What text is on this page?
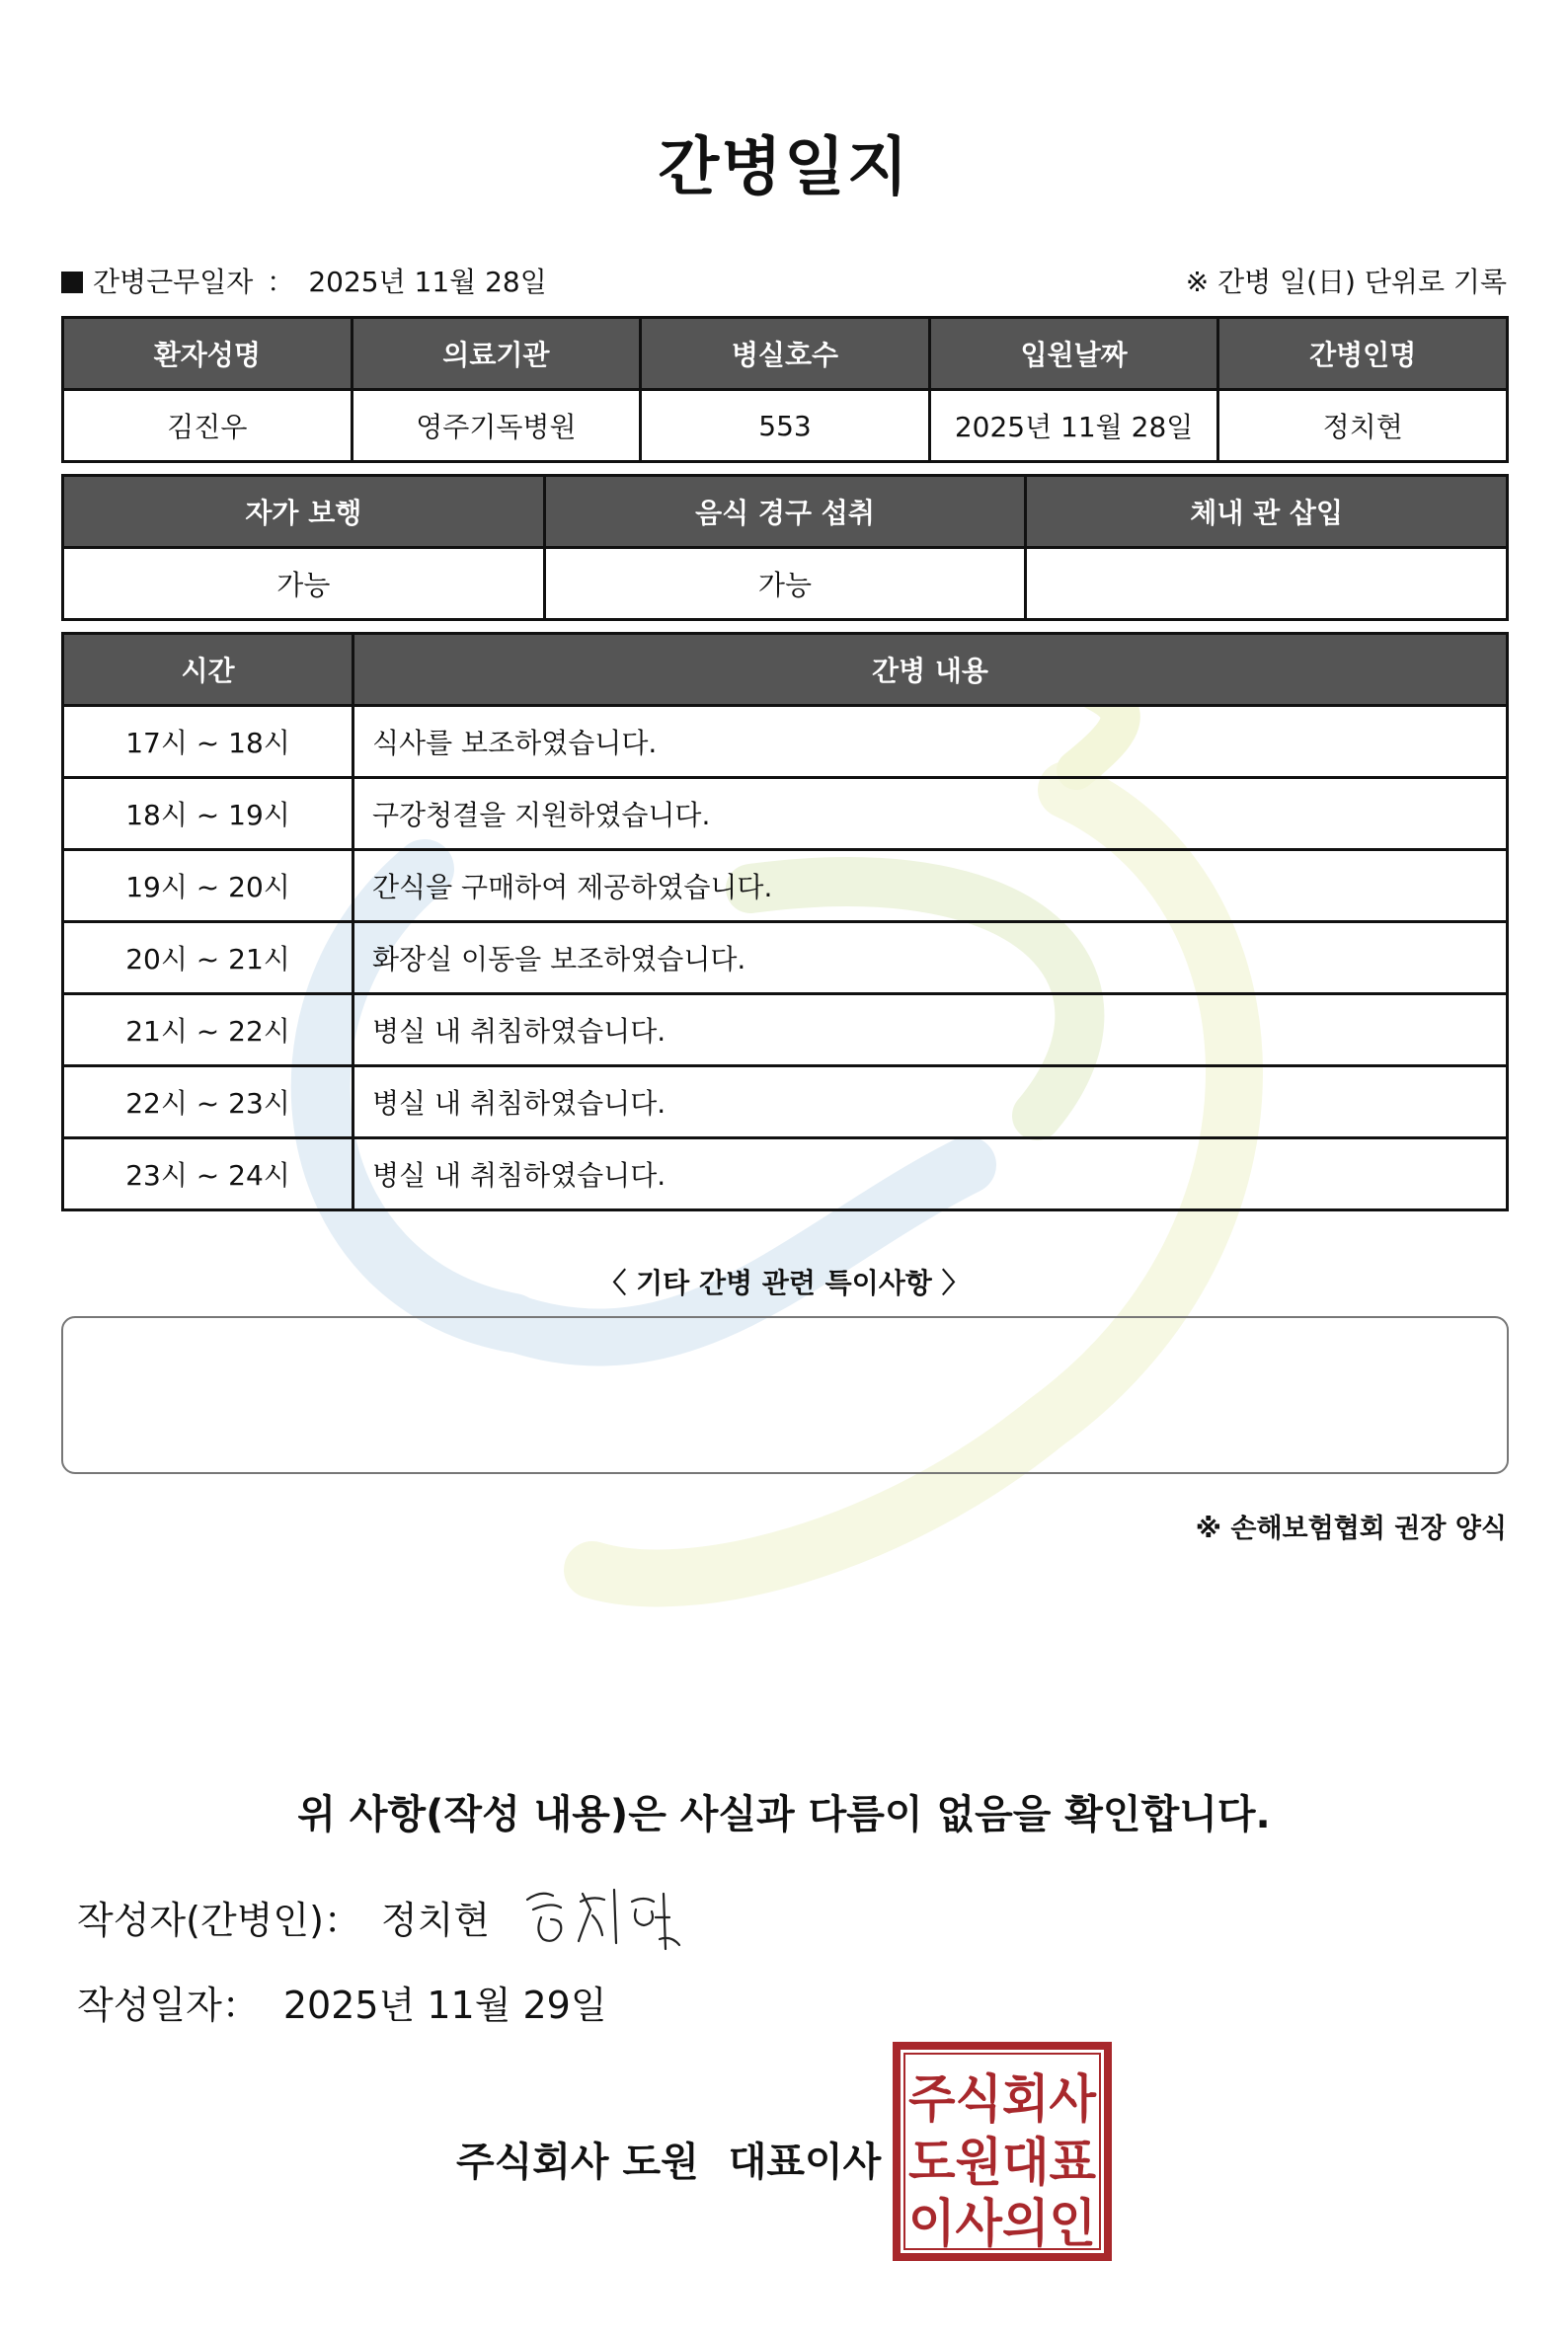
간병일지
간병근무일자 ： 2025년 11월 28일	※ 간병 일(日) 단위로 기록
환자성명	의료기관	병실호수	입원날짜	간병인명
김진우	영주기독병원	553	2025년 11월 28일	정치현
자가 보행	음식 경구 섭취	체내 관 삽입
가능	가능	
시간	간병 내용
17시 ~ 18시	식사를 보조하였습니다.
18시 ~ 19시	구강청결을 지원하였습니다.
19시 ~ 20시	간식을 구매하여 제공하였습니다.
20시 ~ 21시	화장실 이동을 보조하였습니다.
21시 ~ 22시	병실 내 취침하였습니다.
22시 ~ 23시	병실 내 취침하였습니다.
23시 ~ 24시	병실 내 취침하였습니다.
〈 기타 간병 관련 특이사항 〉
※ 손해보험협회 권장 양식
위 사항(작성 내용)은 사실과 다름이 없음을 확인합니다.
작성자(간병인)： 정치현
작성일자： 2025년 11월 29일
주식회사 도원 대표이사
주식회사
도원대표
이사의인
